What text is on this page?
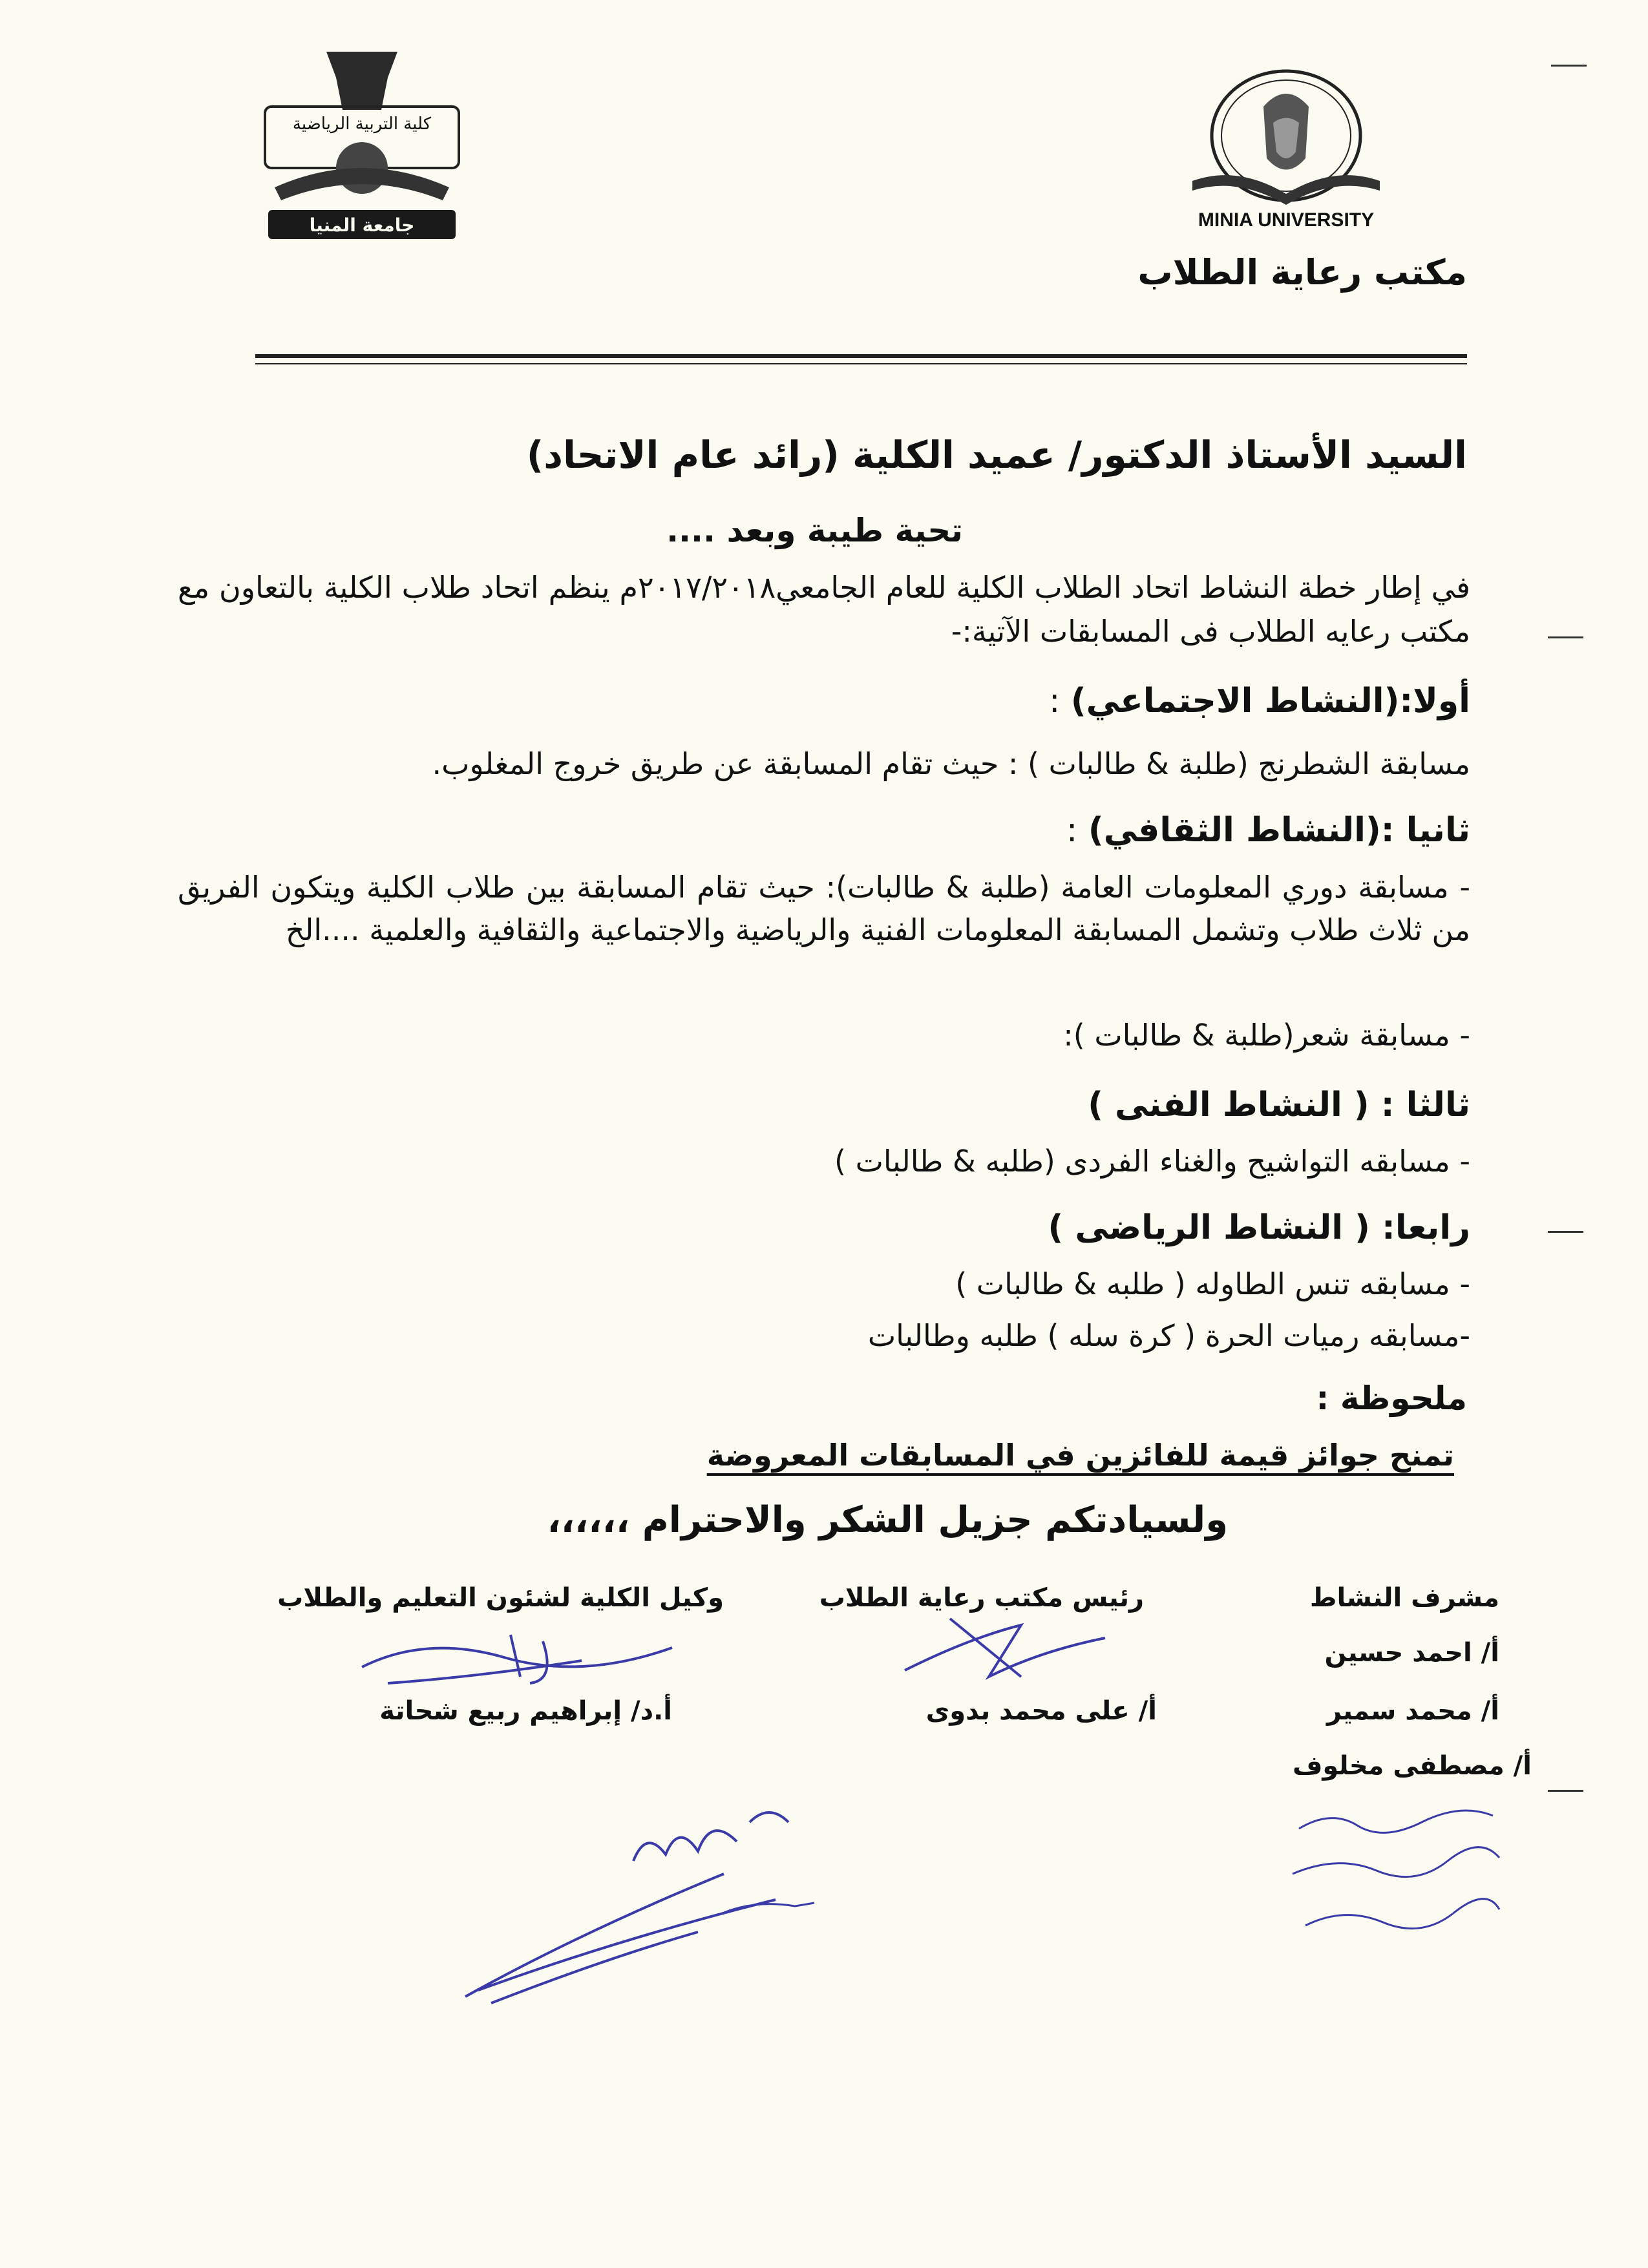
MINIA UNIVERSITY
كلية التربية الرياضية
جامعة المنيا
مكتب رعاية الطلاب
السيد الأستاذ الدكتور/ عميد الكلية (رائد عام الاتحاد)
تحية طيبة وبعد ....
في إطار خطة النشاط اتحاد الطلاب الكلية للعام الجامعي٢٠١٧/٢٠١٨م ينظم اتحاد طلاب الكلية بالتعاون مع مكتب رعايه الطلاب فى المسابقات الآتية:-
أولا:(النشاط الاجتماعي) :
مسابقة الشطرنج (طلبة & طالبات ) : حيث تقام المسابقة عن طريق خروج المغلوب.
ثانيا :(النشاط الثقافي) :
- مسابقة دوري المعلومات العامة (طلبة & طالبات): حيث تقام المسابقة بين طلاب الكلية ويتكون الفريق من ثلاث طلاب وتشمل المسابقة المعلومات الفنية والرياضية والاجتماعية والثقافية والعلمية ....الخ
- مسابقة شعر(طلبة & طالبات ):
ثالثا : ( النشاط الفنى )
- مسابقه التواشيح والغناء الفردى (طلبه & طالبات )
رابعا: ( النشاط الرياضى )
- مسابقه تنس الطاوله ( طلبه & طالبات )
-مسابقه رميات الحرة ( كرة سله ) طلبه وطالبات
ملحوظة :
تمنح جوائز قيمة للفائزين في المسابقات المعروضة
ولسيادتكم جزيل الشكر والاحترام ،،،،،،
مشرف النشاط
أ/ احمد حسين
أ/ محمد سمير
أ/ مصطفى مخلوف
رئيس مكتب رعاية الطلاب
أ/ على محمد بدوى
وكيل الكلية لشئون التعليم والطلاب
أ.د/ إبراهيم ربيع شحاتة
